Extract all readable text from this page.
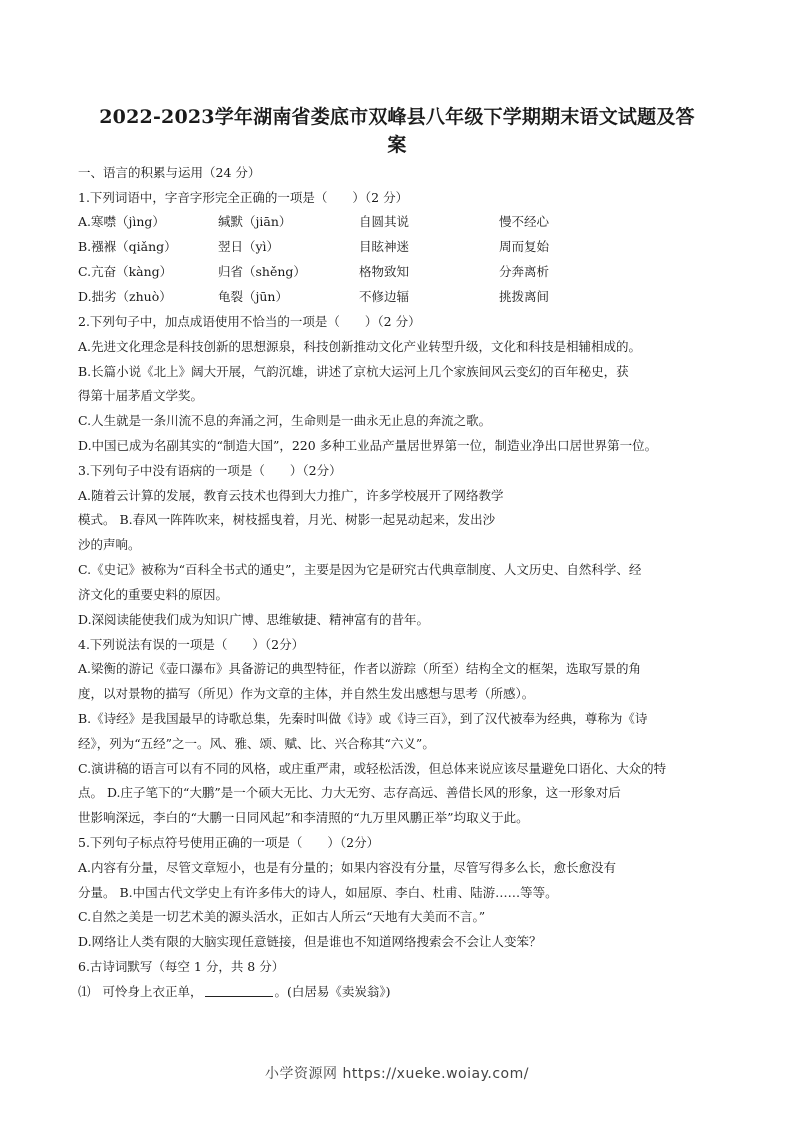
2022-2023学年湖南省娄底市双峰县八年级下学期期末语文试题及答
案
一、语言的积累与运用（24 分）
1.下列词语中，字音字形完全正确的一项是（　　）（2 分）
A.寒噤（jìng）	缄默（jiān）	自圆其说	慢不经心
B.襁褓（qiǎng）	翌日（yì）	目眩神迷	周而复始
C.亢奋（kàng）	归省（shěng）	格物致知	分奔离析
D.拙劣（zhuò）	龟裂（jūn）	不修边辐	挑拨离间
2.下列句子中，加点成语使用不恰当的一项是（　　）（2 分）
A.先进文化理念是科技创新的思想源泉，科技创新推动文化产业转型升级，文化和科技是相辅相成的。
B.长篇小说《北上》阔大开展，气韵沉雄，讲述了京杭大运河上几个家族间风云变幻的百年秘史，获
得第十届茅盾文学奖。
C.人生就是一条川流不息的奔涌之河，生命则是一曲永无止息的奔流之歌。
D.中国已成为名副其实的“制造大国”，220 多种工业品产量居世界第一位，制造业净出口居世界第一位。
3.下列句子中没有语病的一项是（　　）（2分）
A.随着云计算的发展，教育云技术也得到大力推广，许多学校展开了网络教学
模式。 B.春风一阵阵吹来，树枝摇曳着，月光、树影一起晃动起来，发出沙
沙的声响。
C.《史记》被称为“百科全书式的通史”，主要是因为它是研究古代典章制度、人文历史、自然科学、经
济文化的重要史料的原因。
D.深阅读能使我们成为知识广博、思维敏捷、精神富有的昔年。
4.下列说法有误的一项是（　　）（2分）
A.梁衡的游记《壶口瀑布》具备游记的典型特征，作者以游踪（所至）结构全文的框架，选取写景的角
度，以对景物的描写（所见）作为文章的主体，并自然生发出感想与思考（所感）。
B.《诗经》是我国最早的诗歌总集，先秦时叫做《诗》或《诗三百》，到了汉代被奉为经典，尊称为《诗
经》，列为“五经”之一。风、雅、颂、赋、比、兴合称其“六义”。
C.演讲稿的语言可以有不同的风格，或庄重严肃，或轻松活泼，但总体来说应该尽量避免口语化、大众的特
点。 D.庄子笔下的“大鹏”是一个硕大无比、力大无穷、志存高远、善借长风的形象，这一形象对后
世影响深远，李白的“大鹏一日同风起”和李清照的“九万里风鹏正举”均取义于此。
5.下列句子标点符号使用正确的一项是（　　）（2分）
A.内容有分量，尽管文章短小，也是有分量的；如果内容没有分量，尽管写得多么长，愈长愈没有
分量。 B.中国古代文学史上有许多伟大的诗人，如屈原、李白、杜甫、陆游……等等。
C.自然之美是一切艺术美的源头活水，正如古人所云“天地有大美而不言。”
D.网络让人类有限的大脑实现任意链接，但是谁也不知道网络搜索会不会让人变笨？
6.古诗词默写（每空 1 分，共 8 分）
⑴ 可怜身上衣正单，	。(白居易《卖炭翁》)
小学资源网 https://xueke.woiay.com/
